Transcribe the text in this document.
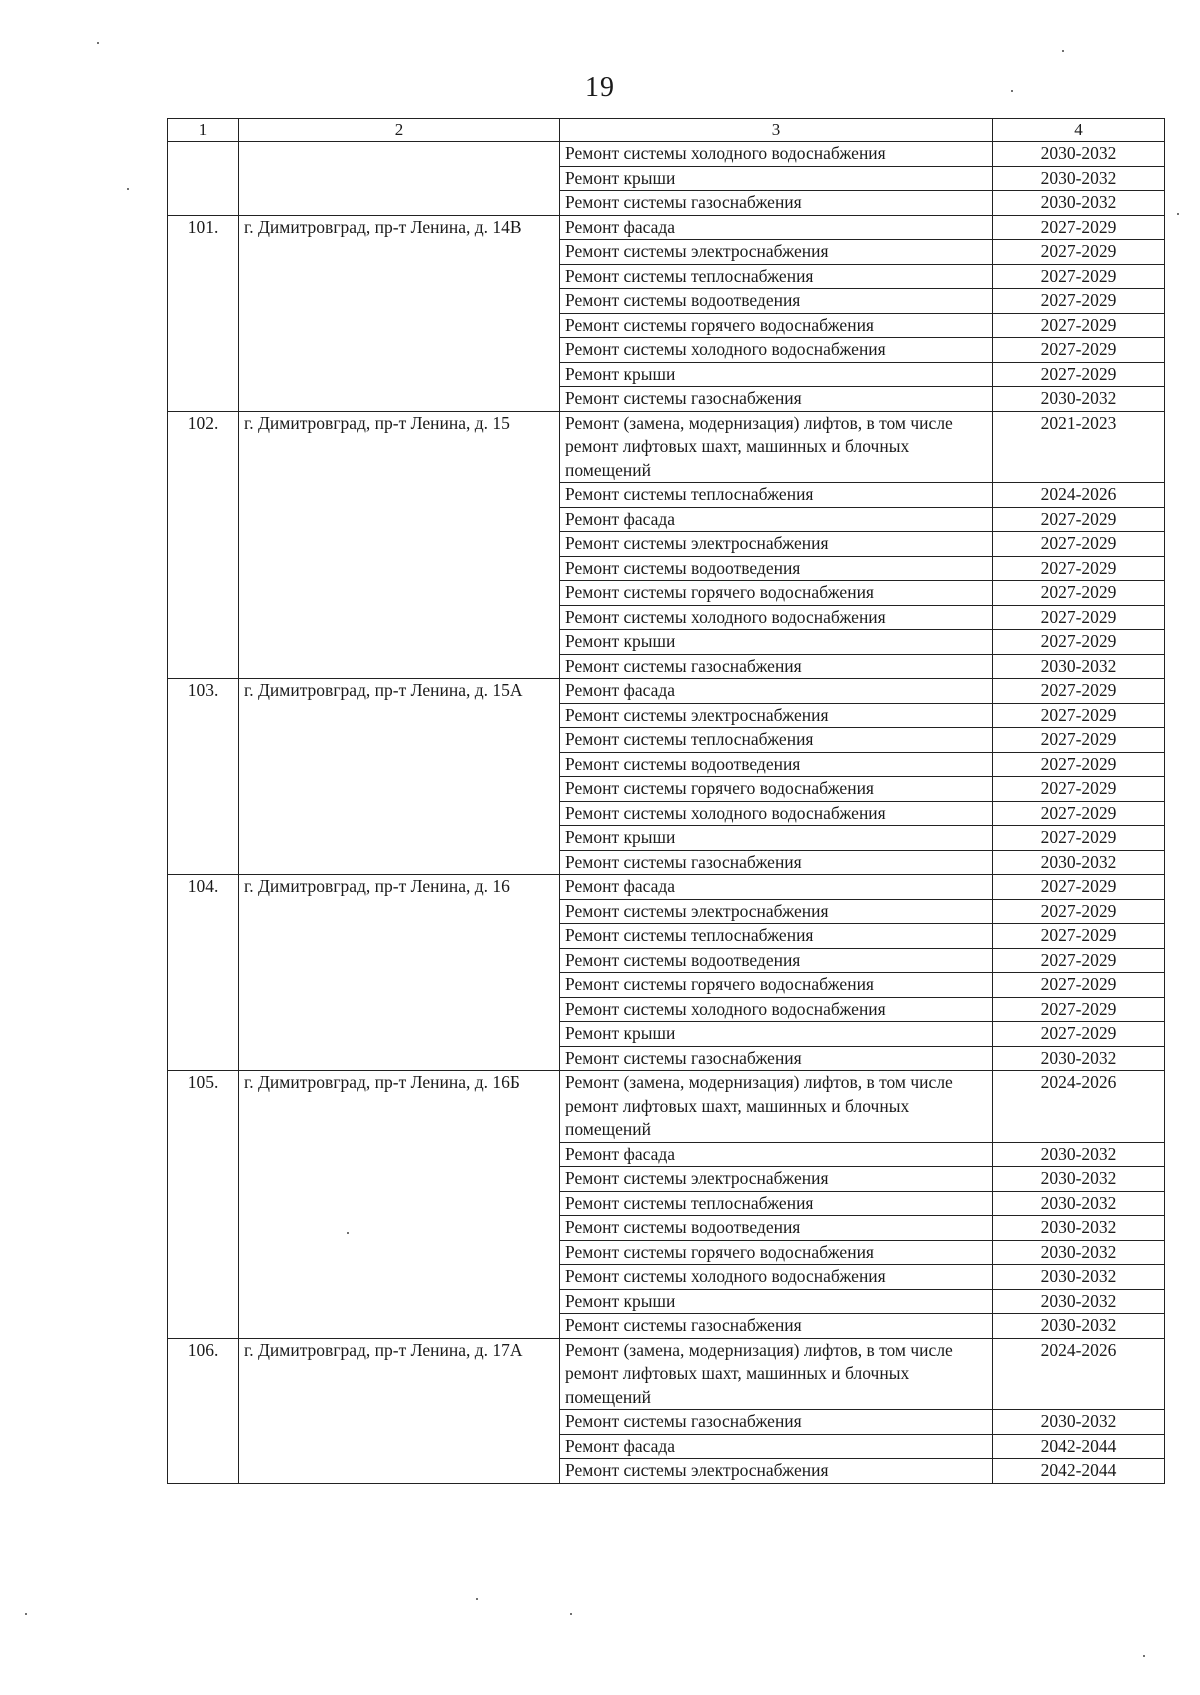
19
1	2	3	4
		Ремонт системы холодного водоснабжения	2030-2032
		Ремонт крыши	2030-2032
		Ремонт системы газоснабжения	2030-2032
101.	г. Димитровград, пр-т Ленина, д. 14В	Ремонт фасада	2027-2029
		Ремонт системы электроснабжения	2027-2029
		Ремонт системы теплоснабжения	2027-2029
		Ремонт системы водоотведения	2027-2029
		Ремонт системы горячего водоснабжения	2027-2029
		Ремонт системы холодного водоснабжения	2027-2029
		Ремонт крыши	2027-2029
		Ремонт системы газоснабжения	2030-2032
102.	г. Димитровград, пр-т Ленина, д. 15	Ремонт (замена, модернизация) лифтов, в том числе ремонт лифтовых шахт, машинных и блочных помещений	2021-2023
		Ремонт системы теплоснабжения	2024-2026
		Ремонт фасада	2027-2029
		Ремонт системы электроснабжения	2027-2029
		Ремонт системы водоотведения	2027-2029
		Ремонт системы горячего водоснабжения	2027-2029
		Ремонт системы холодного водоснабжения	2027-2029
		Ремонт крыши	2027-2029
		Ремонт системы газоснабжения	2030-2032
103.	г. Димитровград, пр-т Ленина, д. 15А	Ремонт фасада	2027-2029
		Ремонт системы электроснабжения	2027-2029
		Ремонт системы теплоснабжения	2027-2029
		Ремонт системы водоотведения	2027-2029
		Ремонт системы горячего водоснабжения	2027-2029
		Ремонт системы холодного водоснабжения	2027-2029
		Ремонт крыши	2027-2029
		Ремонт системы газоснабжения	2030-2032
104.	г. Димитровград, пр-т Ленина, д. 16	Ремонт фасада	2027-2029
		Ремонт системы электроснабжения	2027-2029
		Ремонт системы теплоснабжения	2027-2029
		Ремонт системы водоотведения	2027-2029
		Ремонт системы горячего водоснабжения	2027-2029
		Ремонт системы холодного водоснабжения	2027-2029
		Ремонт крыши	2027-2029
		Ремонт системы газоснабжения	2030-2032
105.	г. Димитровград, пр-т Ленина, д. 16Б	Ремонт (замена, модернизация) лифтов, в том числе ремонт лифтовых шахт, машинных и блочных помещений	2024-2026
		Ремонт фасада	2030-2032
		Ремонт системы электроснабжения	2030-2032
		Ремонт системы теплоснабжения	2030-2032
		Ремонт системы водоотведения	2030-2032
		Ремонт системы горячего водоснабжения	2030-2032
		Ремонт системы холодного водоснабжения	2030-2032
		Ремонт крыши	2030-2032
		Ремонт системы газоснабжения	2030-2032
106.	г. Димитровград, пр-т Ленина, д. 17А	Ремонт (замена, модернизация) лифтов, в том числе ремонт лифтовых шахт, машинных и блочных помещений	2024-2026
		Ремонт системы газоснабжения	2030-2032
		Ремонт фасада	2042-2044
		Ремонт системы электроснабжения	2042-2044
